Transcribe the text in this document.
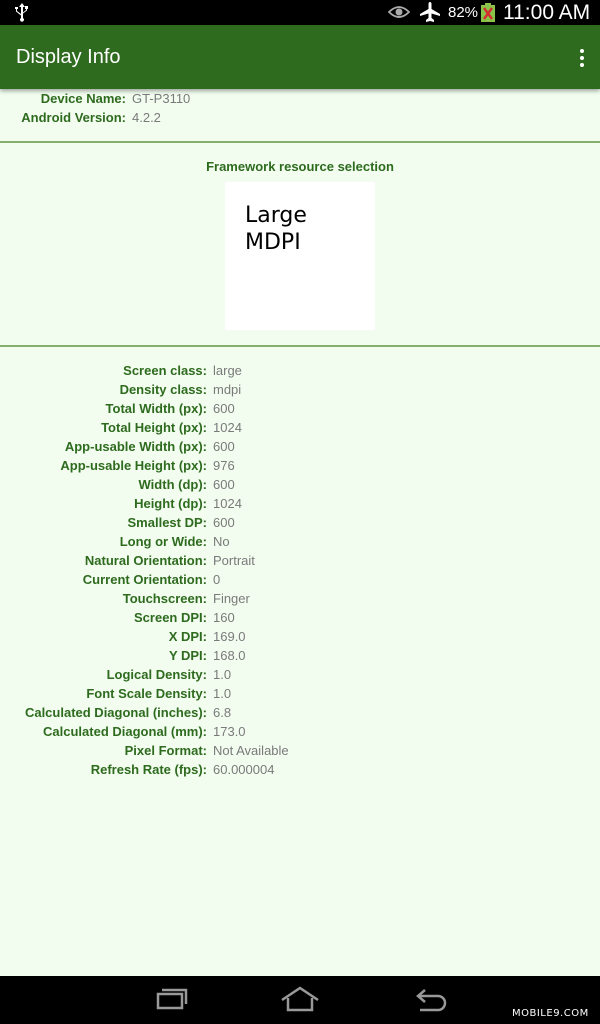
82% 11:00 AM
Display Info
Device Name: GT-P3110
Android Version: 4.2.2
Framework resource selection
Large
MDPI
Screen class: large
Density class: mdpi
Total Width (px): 600
Total Height (px): 1024
App-usable Width (px): 600
App-usable Height (px): 976
Width (dp): 600
Height (dp): 1024
Smallest DP: 600
Long or Wide: No
Natural Orientation: Portrait
Current Orientation: 0
Touchscreen: Finger
Screen DPI: 160
X DPI: 169.0
Y DPI: 168.0
Logical Density: 1.0
Font Scale Density: 1.0
Calculated Diagonal (inches): 6.8
Calculated Diagonal (mm): 173.0
Pixel Format: Not Available
Refresh Rate (fps): 60.000004
MOBILE9.COM
